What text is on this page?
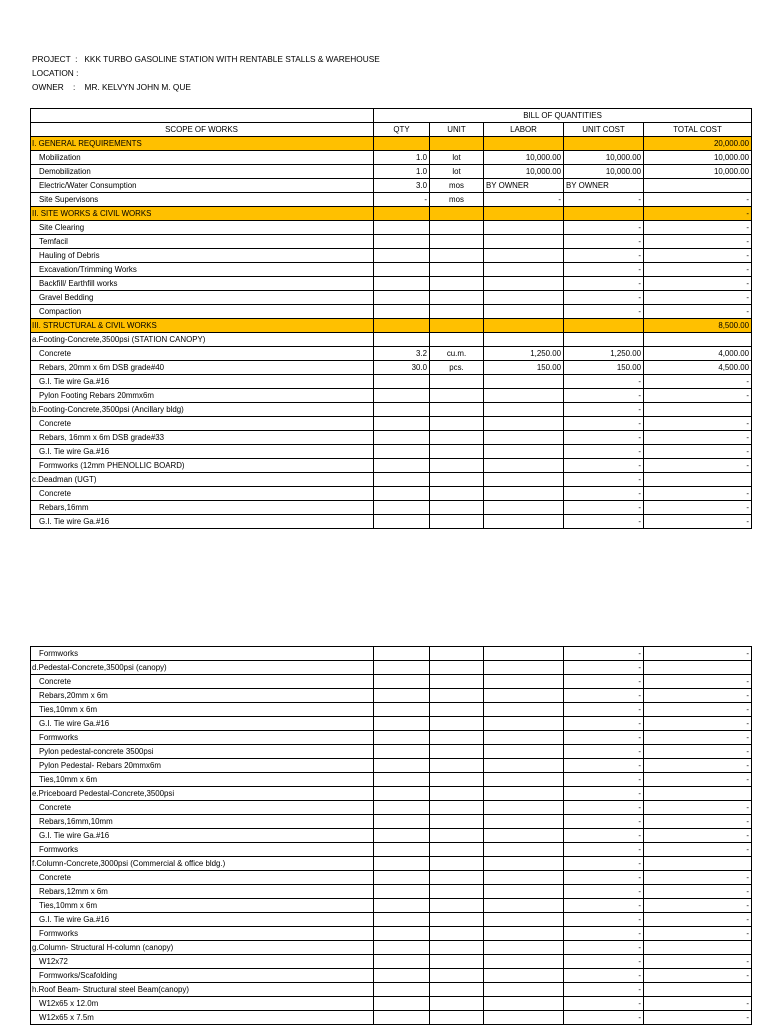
PROJECT  :   KKK TURBO GASOLINE STATION WITH RENTABLE STALLS & WAREHOUSE
LOCATION :
OWNER    :    MR. KELVYN JOHN M. QUE
	BILL OF QUANTITIES				
SCOPE OF WORKS	QTY	UNIT	LABOR	UNIT COST	TOTAL COST
I. GENERAL REQUIREMENTS					20,000.00
Mobilization	1.0	lot	10,000.00	10,000.00	10,000.00
Demobilization	1.0	lot	10,000.00	10,000.00	10,000.00
Electric/Water Consumption	3.0	mos	BY OWNER	BY OWNER	
Site Supervisons	-	mos	-	-	-
II. SITE WORKS & CIVIL WORKS					-
Site Clearing				-	-
Temfacil				-	-
Hauling of Debris				-	-
Excavation/Trimming Works				-	-
Backfill/ Earthfill works				-	-
Gravel Bedding				-	-
Compaction				-	-
III. STRUCTURAL & CIVIL WORKS					8,500.00
a.Footing-Concrete,3500psi (STATION CANOPY)					
Concrete	3.2	cu.m.	1,250.00	1,250.00	4,000.00
Rebars, 20mm x 6m DSB grade#40	30.0	pcs.	150.00	150.00	4,500.00
G.I. Tie wire Ga.#16				-	-
Pylon Footing Rebars 20mmx6m				-	-
b.Footing-Concrete,3500psi (Ancillary bldg)				-	
Concrete				-	-
Rebars, 16mm x 6m DSB grade#33				-	-
G.I. Tie wire Ga.#16				-	-
Formworks (12mm PHENOLLIC BOARD)				-	-
c.Deadman (UGT)				-	
Concrete				-	-
Rebars,16mm				-	-
G.I. Tie wire Ga.#16				-	-
Formworks				-	-
d.Pedestal-Concrete,3500psi (canopy)				-	
Concrete				-	-
Rebars,20mm x 6m				-	-
Ties,10mm x 6m				-	-
G.I. Tie wire Ga.#16				-	-
Formworks				-	-
Pylon pedestal-concrete 3500psi				-	-
Pylon Pedestal- Rebars 20mmx6m				-	-
Ties,10mm x 6m				-	-
e.Priceboard Pedestal-Concrete,3500psi				-	
Concrete				-	-
Rebars,16mm,10mm				-	-
G.I. Tie wire Ga.#16				-	-
Formworks				-	-
f.Column-Concrete,3000psi (Commercial & office bldg.)				-	
Concrete				-	-
Rebars,12mm x 6m				-	-
Ties,10mm x 6m				-	-
G.I. Tie wire Ga.#16				-	-
Formworks				-	-
g.Column- Structural H-column (canopy)				-	
W12x72				-	-
Formworks/Scafolding				-	-
h.Roof Beam- Structural steel Beam(canopy)				-	
W12x65 x 12.0m				-	-
W12x65 x 7.5m				-	-
